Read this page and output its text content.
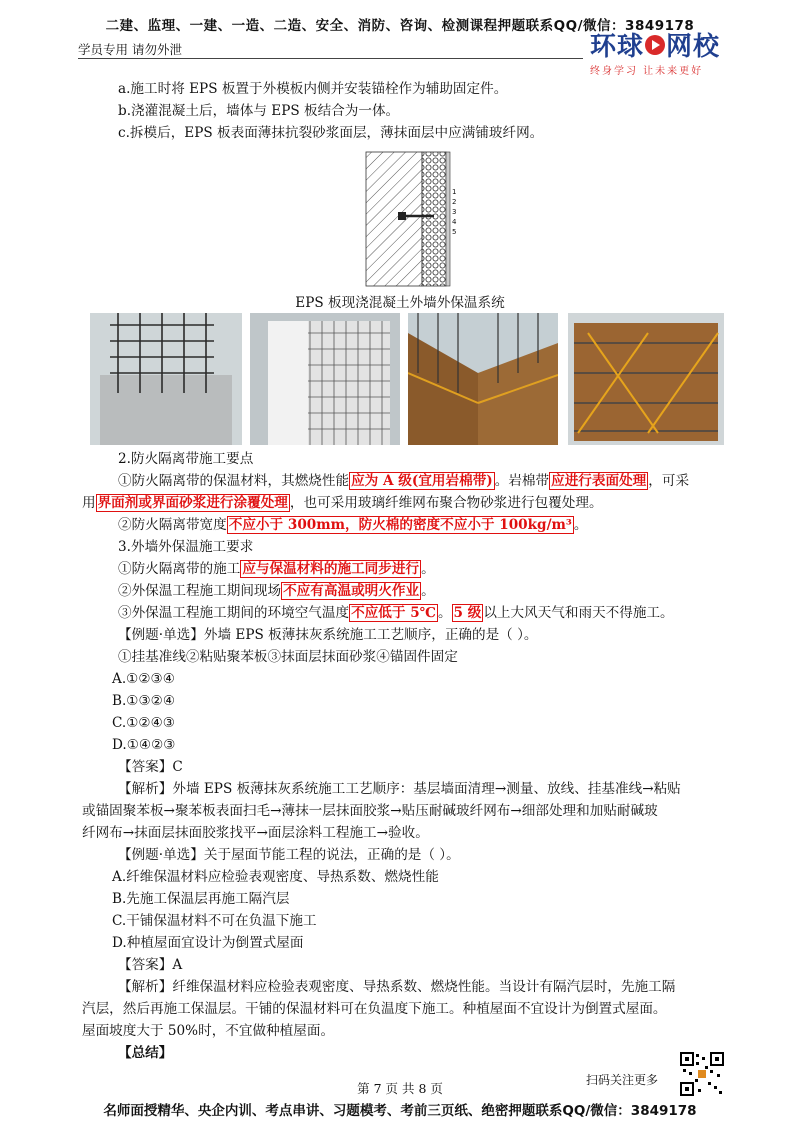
二建、监理、一建、一造、二造、安全、消防、咨询、检测课程押题联系QQ/微信：3849178
学员专用 请勿外泄	环球 网校
终身学习 让未来更好
a.施工时将 EPS 板置于外模板内侧并安装锚栓作为辅助固定件。
b.浇灌混凝土后，墙体与 EPS 板结合为一体。
c.拆模后，EPS 板表面薄抹抗裂砂浆面层，薄抹面层中应满铺玻纤网。
1
2
3
4
5
EPS 板现浇混凝土外墙外保温系统
2.防火隔离带施工要点
①防火隔离带的保温材料，其燃烧性能 应为 A 级(宜用岩棉带) 。岩棉带 应进行表面处理 ，可采
用 界面剂或界面砂浆进行涂覆处理 ，也可采用玻璃纤维网布聚合物砂浆进行包覆处理。
②防火隔离带宽度 不应小于 300mm，防火棉的密度不应小于 100kg/m³ 。
3.外墙外保温施工要求
①防火隔离带的施工 应与保温材料的施工同步进行 。
②外保温工程施工期间现场 不应有高温或明火作业 。
③外保温工程施工期间的环境空气温度 不应低于 5℃ 。 5 级 以上大风天气和雨天不得施工。
【例题·单选】外墙 EPS 板薄抹灰系统施工工艺顺序，正确的是（ ）。
①挂基准线②粘贴聚苯板③抹面层抹面砂浆④锚固件固定
A.①②③④
B.①③②④
C.①②④③
D.①④②③
【答案】C
【解析】外墙 EPS 板薄抹灰系统施工工艺顺序：基层墙面清理→测量、放线、挂基准线→粘贴
或锚固聚苯板→聚苯板表面扫毛→薄抹一层抹面胶浆→贴压耐碱玻纤网布→细部处理和加贴耐碱玻
纤网布→抹面层抹面胶浆找平→面层涂料工程施工→验收。
【例题·单选】关于屋面节能工程的说法，正确的是（ ）。
A.纤维保温材料应检验表观密度、导热系数、燃烧性能
B.先施工保温层再施工隔汽层
C.干铺保温材料不可在负温下施工
D.种植屋面宜设计为倒置式屋面
【答案】A
【解析】纤维保温材料应检验表观密度、导热系数、燃烧性能。当设计有隔汽层时，先施工隔
汽层，然后再施工保温层。干铺的保温材料可在负温度下施工。种植屋面不宜设计为倒置式屋面。
屋面坡度大于 50%时，不宜做种植屋面。
【总结】
扫码关注更多
第 7 页 共 8 页
名师面授精华、央企内训、考点串讲、习题模考、考前三页纸、绝密押题联系QQ/微信：3849178
